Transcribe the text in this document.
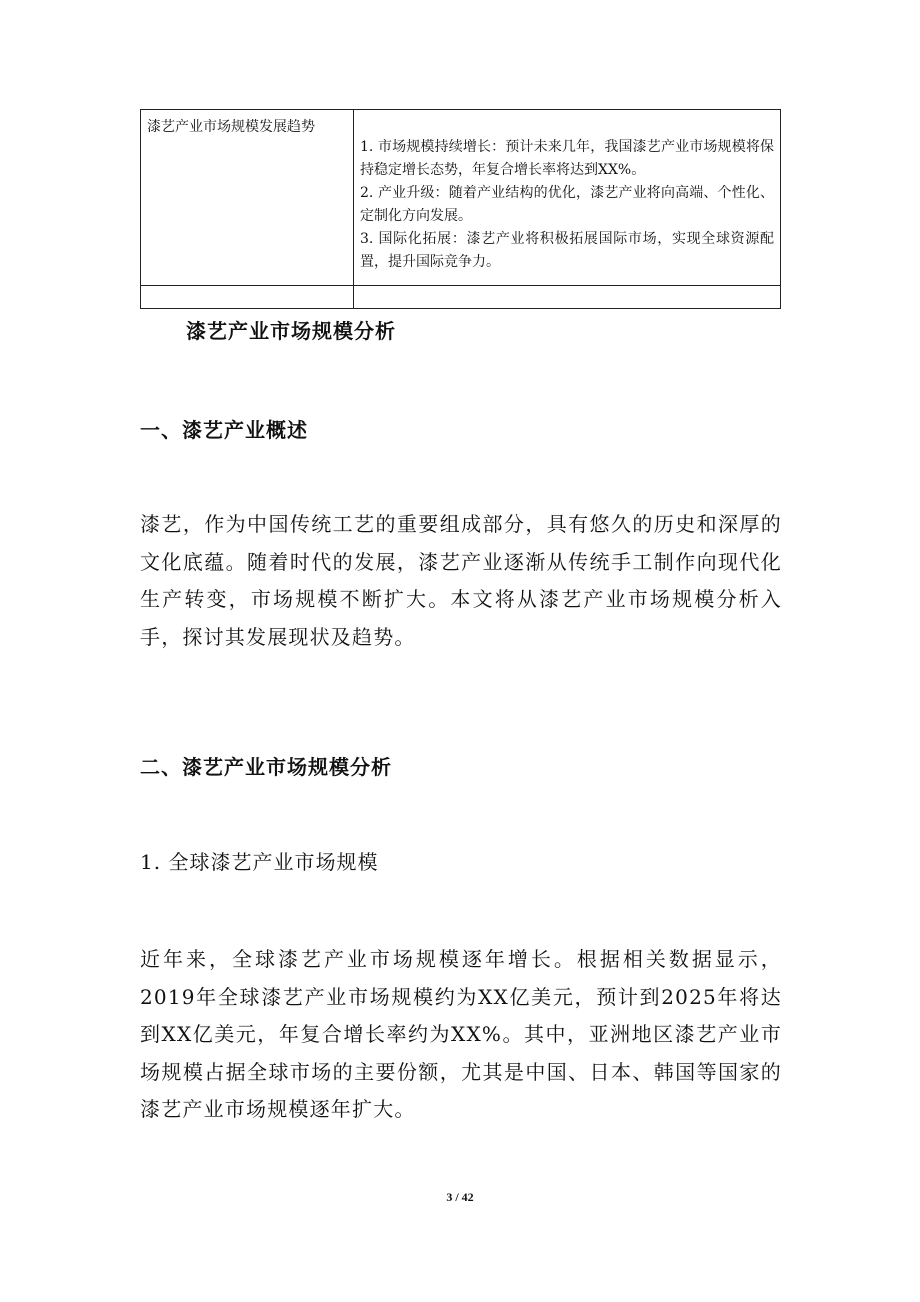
漆艺产业市场规模发展趋势	1. 市场规模持续增长：预计未来几年，我国漆艺产业市场规模将保持稳定增长态势，年复合增长率将达到XX%。

2. 产业升级：随着产业结构的优化，漆艺产业将向高端、个性化、定制化方向发展。

3. 国际化拓展：漆艺产业将积极拓展国际市场，实现全球资源配置，提升国际竞争力。

漆艺产业市场规模分析
一、漆艺产业概述

漆艺，作为中国传统工艺的重要组成部分，具有悠久的历史和深厚的文化底蕴。随着时代的发展，漆艺产业逐渐从传统手工制作向现代化生产转变，市场规模不断扩大。本文将从漆艺产业市场规模分析入手，探讨其发展现状及趋势。

二、漆艺产业市场规模分析
1. 全球漆艺产业市场规模

近年来，全球漆艺产业市场规模逐年增长。根据相关数据显示，2019年全球漆艺产业市场规模约为XX亿美元，预计到2025年将达到XX亿美元，年复合增长率约为XX%。其中，亚洲地区漆艺产业市场规模占据全球市场的主要份额，尤其是中国、日本、韩国等国家的漆艺产业市场规模逐年扩大。

3 / 42
